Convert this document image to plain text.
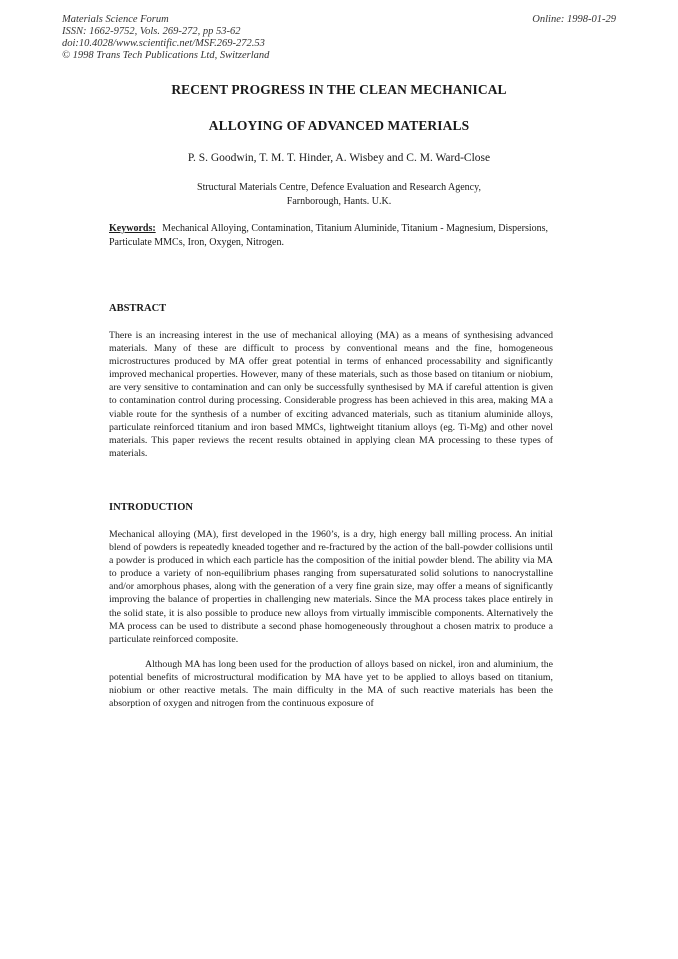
Materials Science Forum
ISSN: 1662-9752, Vols. 269-272, pp 53-62
doi:10.4028/www.scientific.net/MSF.269-272.53
© 1998 Trans Tech Publications Ltd, Switzerland
Online: 1998-01-29
RECENT PROGRESS IN THE CLEAN MECHANICAL
ALLOYING OF ADVANCED MATERIALS
P. S. Goodwin, T. M. T. Hinder, A. Wisbey and C. M. Ward-Close
Structural Materials Centre, Defence Evaluation and Research Agency,
Farnborough, Hants. U.K.
Keywords: Mechanical Alloying, Contamination, Titanium Aluminide, Titanium - Magnesium, Dispersions, Particulate MMCs, Iron, Oxygen, Nitrogen.
ABSTRACT
There is an increasing interest in the use of mechanical alloying (MA) as a means of synthesising advanced materials. Many of these are difficult to process by conventional means and the fine, homogeneous microstructures produced by MA offer great potential in terms of enhanced processability and significantly improved mechanical properties. However, many of these materials, such as those based on titanium or niobium, are very sensitive to contamination and can only be successfully synthesised by MA if careful attention is given to contamination control during processing. Considerable progress has been achieved in this area, making MA a viable route for the synthesis of a number of exciting advanced materials, such as titanium aluminide alloys, particulate reinforced titanium and iron based MMCs, lightweight titanium alloys (eg. Ti-Mg) and other novel materials. This paper reviews the recent results obtained in applying clean MA processing to these types of materials.
INTRODUCTION
Mechanical alloying (MA), first developed in the 1960’s, is a dry, high energy ball milling process. An initial blend of powders is repeatedly kneaded together and re-fractured by the action of the ball-powder collisions until a powder is produced in which each particle has the composition of the initial powder blend. The ability via MA to produce a variety of non-equilibrium phases ranging from supersaturated solid solutions to nanocrystalline and/or amorphous phases, along with the generation of a very fine grain size, may offer a means of significantly improving the balance of properties in challenging new materials. Since the MA process takes place entirely in the solid state, it is also possible to produce new alloys from virtually immiscible components. Alternatively the MA process can be used to distribute a second phase homogeneously throughout a chosen matrix to produce a particulate reinforced composite.
Although MA has long been used for the production of alloys based on nickel, iron and aluminium, the potential benefits of microstructural modification by MA have yet to be applied to alloys based on titanium, niobium or other reactive metals. The main difficulty in the MA of such reactive materials has been the absorption of oxygen and nitrogen from the continuous exposure of
